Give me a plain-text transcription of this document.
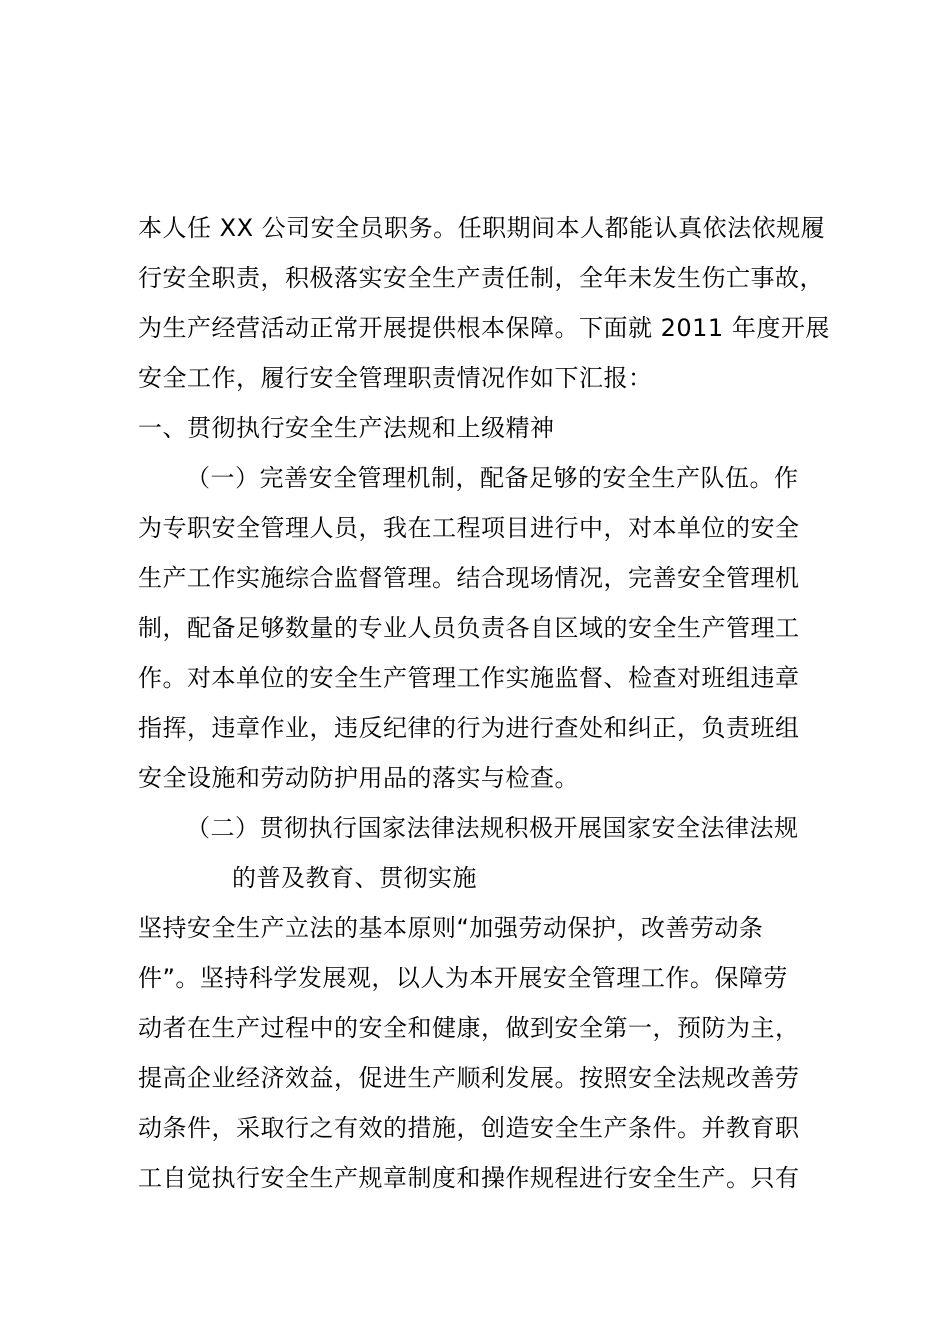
本人任 XX 公司安全员职务。任职期间本人都能认真依法依规履
行安全职责，积极落实安全生产责任制，全年未发生伤亡事故，
为生产经营活动正常开展提供根本保障。下面就 2011 年度开展
安全工作，履行安全管理职责情况作如下汇报：
一、贯彻执行安全生产法规和上级精神
（一）完善安全管理机制，配备足够的安全生产队伍。作
为专职安全管理人员，我在工程项目进行中，对本单位的安全
生产工作实施综合监督管理。结合现场情况，完善安全管理机
制，配备足够数量的专业人员负责各自区域的安全生产管理工
作。对本单位的安全生产管理工作实施监督、检查对班组违章
指挥，违章作业，违反纪律的行为进行查处和纠正，负责班组
安全设施和劳动防护用品的落实与检查。
（二）贯彻执行国家法律法规积极开展国家安全法律法规
的普及教育、贯彻实施
坚持安全生产立法的基本原则“加强劳动保护，改善劳动条
件”。坚持科学发展观，以人为本开展安全管理工作。保障劳
动者在生产过程中的安全和健康，做到安全第一，预防为主，
提高企业经济效益，促进生产顺利发展。按照安全法规改善劳
动条件，采取行之有效的措施，创造安全生产条件。并教育职
工自觉执行安全生产规章制度和操作规程进行安全生产。只有
